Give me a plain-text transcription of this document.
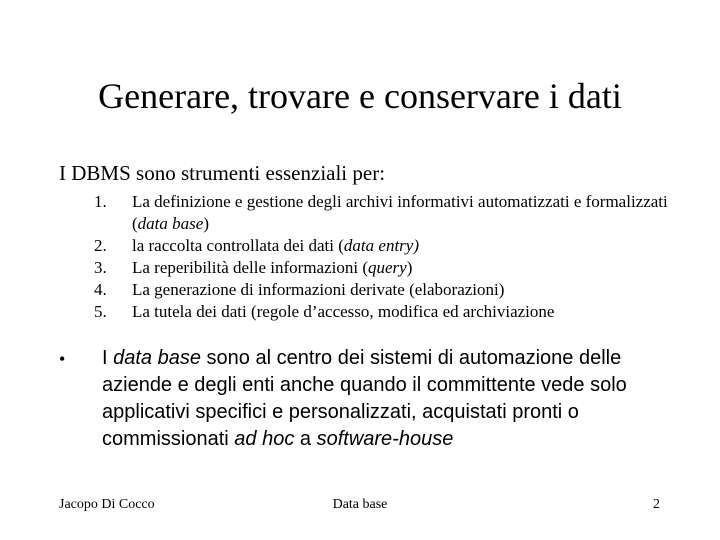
Generare, trovare e conservare i dati
I DBMS sono strumenti essenziali per:
1.	La definizione e gestione degli archivi informativi automatizzati e formalizzati (data base)
2.	la raccolta controllata dei dati (data entry)
3.	La reperibilità delle informazioni (query)
4.	La generazione di informazioni derivate (elaborazioni)
5.	La tutela dei dati (regole d’accesso, modifica ed archiviazione
•	I data base sono al centro dei sistemi di automazione delle aziende e degli enti anche quando il committente vede solo applicativi specifici e personalizzati, acquistati pronti o commissionati ad hoc a software-house
Jacopo Di Cocco	Data base	2
